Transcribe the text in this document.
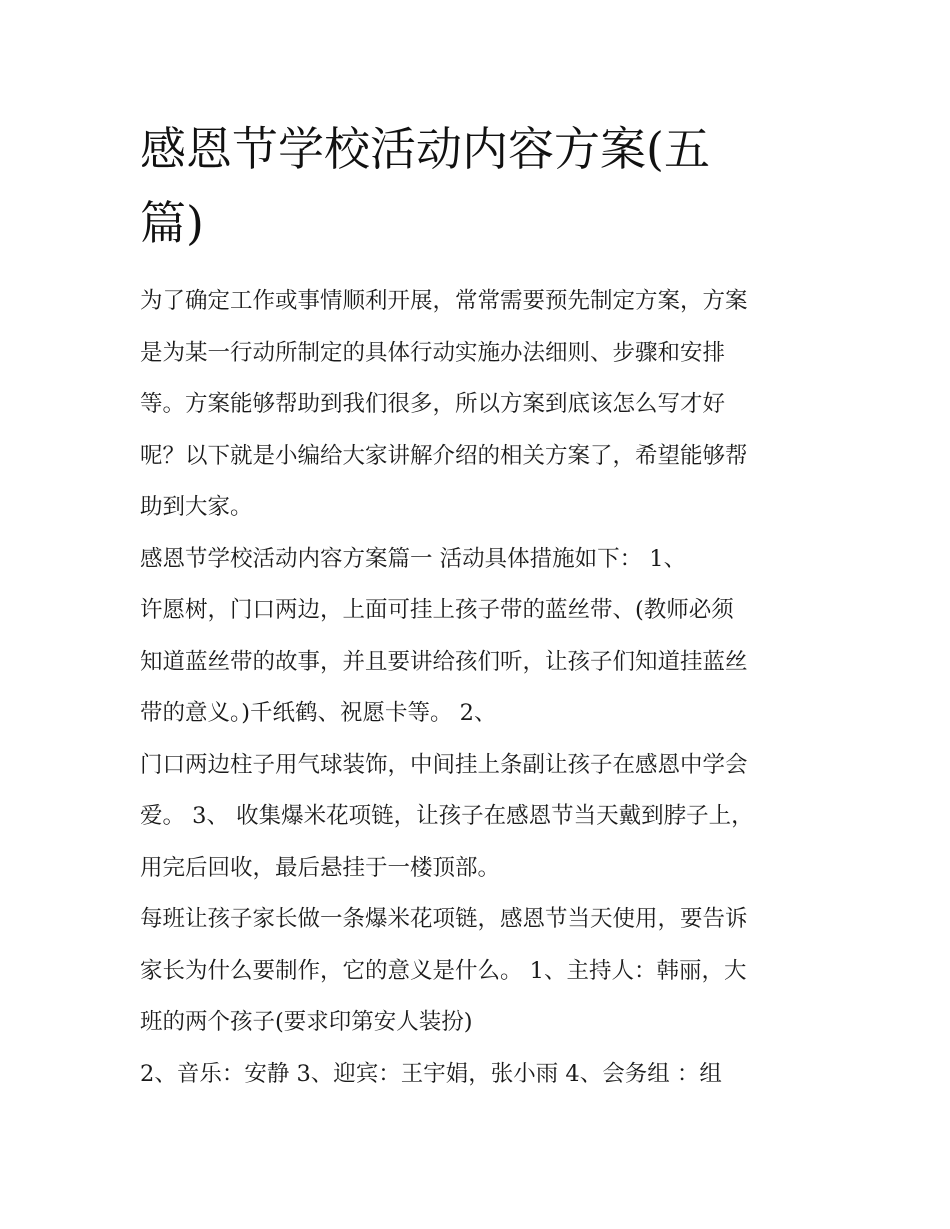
感恩节学校活动内容方案(五
篇)
为了确定工作或事情顺利开展，常常需要预先制定方案，方案
是为某一行动所制定的具体行动实施办法细则、步骤和安排
等。方案能够帮助到我们很多，所以方案到底该怎么写才好
呢？以下就是小编给大家讲解介绍的相关方案了，希望能够帮
助到大家。
感恩节学校活动内容方案篇一 活动具体措施如下： 1、
许愿树，门口两边，上面可挂上孩子带的蓝丝带、(教师必须
知道蓝丝带的故事，并且要讲给孩们听，让孩子们知道挂蓝丝
带的意义。)千纸鹤、祝愿卡等。 2、
门口两边柱子用气球装饰，中间挂上条副让孩子在感恩中学会
爱。 3、 收集爆米花项链，让孩子在感恩节当天戴到脖子上，
用完后回收，最后悬挂于一楼顶部。
每班让孩子家长做一条爆米花项链，感恩节当天使用，要告诉
家长为什么要制作，它的意义是什么。 1、主持人：韩丽，大
班的两个孩子(要求印第安人装扮)
2、音乐：安静 3、迎宾：王宇娟，张小雨 4、会务组 ：组
